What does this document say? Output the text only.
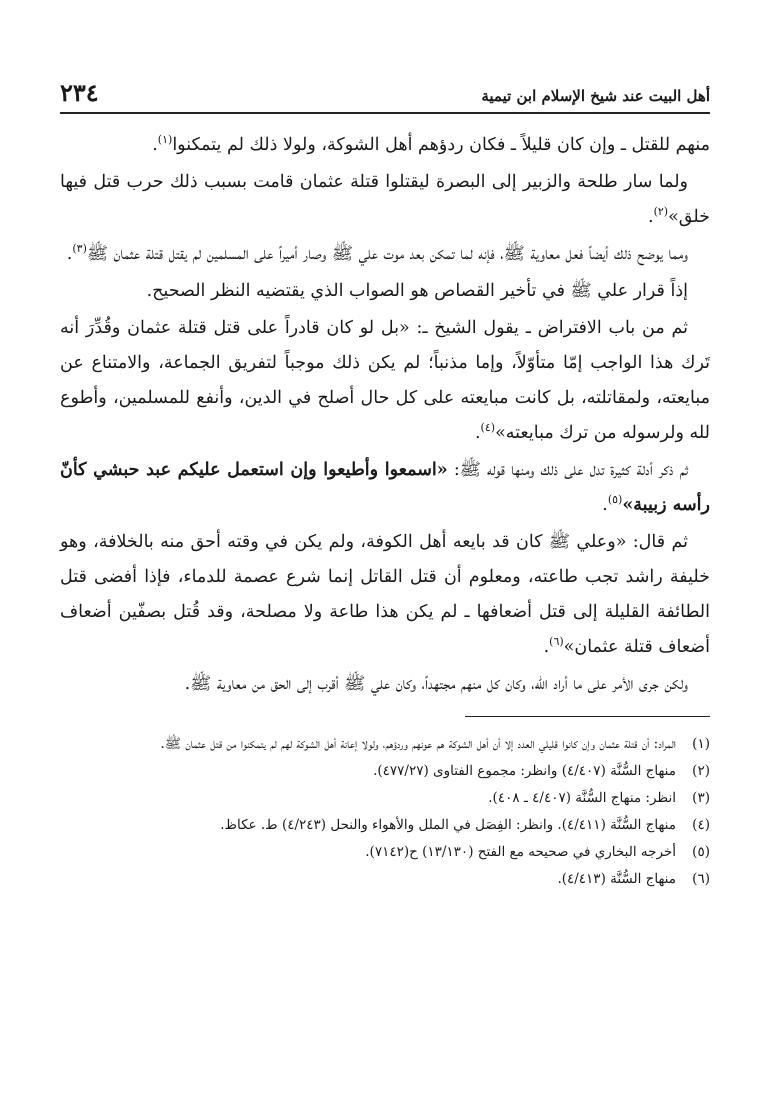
أهل البيت عند شيخ الإسلام ابن تيمية
٢٣٤

منهم للقتل ـ وإن كان قليلاً ـ فكان ردؤهم أهل الشوكة، ولولا ذلك لم يتمكنوا$^{(١)}$.

ولما سار طلحة والزبير إلى البصرة ليقتلوا قتلة عثمان قامت بسبب ذلك حرب قتل فيها خلق»$^{(٢)}$.

ومما يوضح ذلك أيضاً فعل معاوية ﷺ، فإنه لما تمكن بعد موت علي ﷺ وصار أميراً على المسلمين لم يقتل قتلة عثمان ﷺ$^{(٣)}$.

إذاً قرار علي ﷺ في تأخير القصاص هو الصواب الذي يقتضيه النظر الصحيح.

ثم من باب الافتراض ـ يقول الشيخ ـ: «بل لو كان قادراً على قتل قتلة عثمان وقُدِّرَ أنه تَرك هذا الواجب إمّا متأوّلاً، وإما مذنباً؛ لم يكن ذلك موجباً لتفريق الجماعة، والامتناع عن مبايعته، ولمقاتلته، بل كانت مبايعته على كل حال أصلح في الدين، وأنفع للمسلمين، وأطوع لله ولرسوله من ترك مبايعته»$^{(٤)}$.

ثم ذكر أدلة كثيرة تدل على ذلك ومنها قوله ﷺ: «اسمعوا وأطيعوا وإن استعمل عليكم عبد حبشي كأنّ رأسه زبيبة»$^{(٥)}$.

ثم قال: «وعلي ﷺ كان قد بايعه أهل الكوفة، ولم يكن في وقته أحق منه بالخلافة، وهو خليفة راشد تجب طاعته، ومعلوم أن قتل القاتل إنما شرع عصمة للدماء، فإذا أفضى قتل الطائفة القليلة إلى قتل أضعافها ـ لم يكن هذا طاعة ولا مصلحة، وقد قُتل بصفّين أضعاف أضعاف قتلة عثمان»$^{(٦)}$.

ولكن جرى الأمر على ما أراد الله، وكان كل منهم مجتهداً، وكان علي ﷺ أقرب إلى الحق من معاوية ﷺ.

(١)
المراد: أن قتلة عثمان وإن كانوا قليلي العدد إلا أن أهل الشوكة هم عونهم وردؤهم، ولولا إعانة أهل الشوكة لهم لم يتمكنوا من قتل عثمان ﷺ.
(٢)
منهاج السُّنَّة (٤/٤٠٧) وانظر: مجموع الفتاوى (٤٧٧/٢٧).
(٣)
انظر: منهاج السُّنَّة (٤/٤٠٧ ـ ٤٠٨).
(٤)
منهاج السُّنَّة (٤/٤١١). وانظر: الفِصَل في الملل والأهواء والنحل (٤/٢٤٣) ط. عكاظ.
(٥)
أخرجه البخاري في صحيحه مع الفتح (١٣/١٣٠) ح(٧١٤٢).
(٦)
منهاج السُّنَّة (٤/٤١٣).
